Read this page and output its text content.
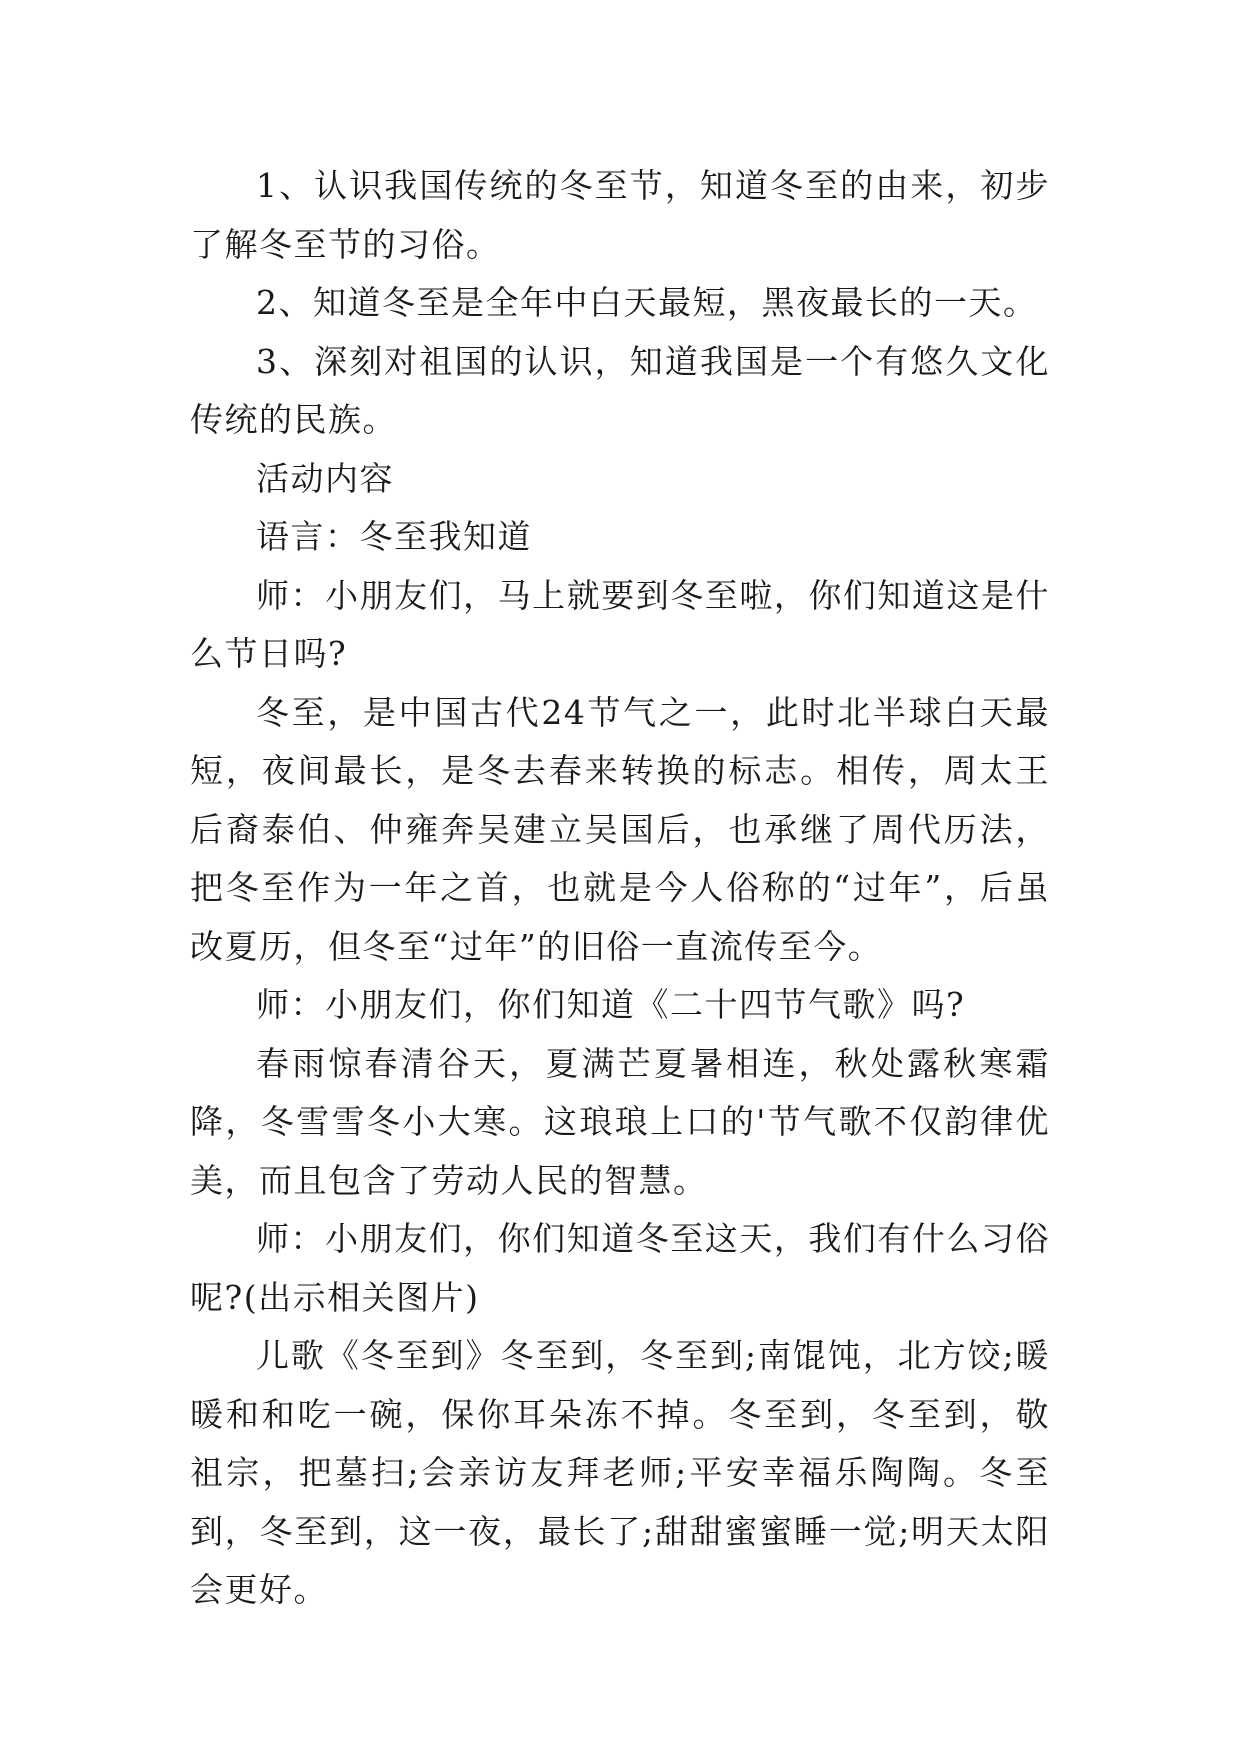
1、认识我国传统的冬至节，知道冬至的由来，初步了解冬至节的习俗。

2、知道冬至是全年中白天最短，黑夜最长的一天。

3、深刻对祖国的认识，知道我国是一个有悠久文化传统的民族。

活动内容

语言：冬至我知道

师：小朋友们，马上就要到冬至啦，你们知道这是什么节日吗?

冬至，是中国古代24节气之一，此时北半球白天最短，夜间最长，是冬去春来转换的标志。相传，周太王后裔泰伯、仲雍奔吴建立吴国后，也承继了周代历法，把冬至作为一年之首，也就是今人俗称的“过年”，后虽改夏历，但冬至“过年”的旧俗一直流传至今。

师：小朋友们，你们知道《二十四节气歌》吗?

春雨惊春清谷天，夏满芒夏暑相连，秋处露秋寒霜降，冬雪雪冬小大寒。这琅琅上口的'节气歌不仅韵律优美，而且包含了劳动人民的智慧。

师：小朋友们，你们知道冬至这天，我们有什么习俗呢?(出示相关图片)

儿歌《冬至到》冬至到，冬至到;南馄饨，北方饺;暖暖和和吃一碗，保你耳朵冻不掉。冬至到，冬至到，敬祖宗，把墓扫;会亲访友拜老师;平安幸福乐陶陶。冬至到，冬至到，这一夜，最长了;甜甜蜜蜜睡一觉;明天太阳会更好。
